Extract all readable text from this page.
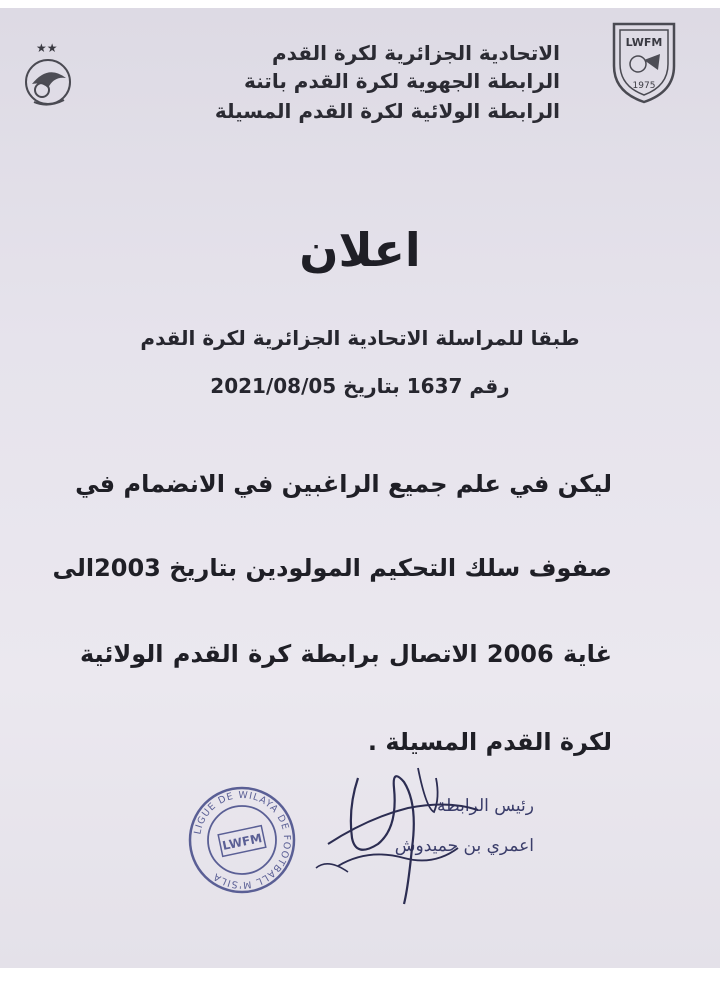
★★	الاتحادية الجزائرية لكرة القدم
الرابطة الجهوية لكرة القدم باتنة
الرابطة الولائية لكرة القدم المسيلة
LWFM
1975
اعلان
طبقا للمراسلة الاتحادية الجزائرية لكرة القدم
رقم 1637 بتاريخ 2021/08/05
ليكن في علم جميع الراغبين في الانضمام في
صفوف سلك التحكيم المولودين بتاريخ 2003الى
غاية 2006 الاتصال برابطة كرة القدم الولائية
لكرة القدم المسيلة .
LIGUE DE WILAYA DE FOOTBALL M'SILA
LWFM
رئيس الرابطة
اعمري بن حميدوش
